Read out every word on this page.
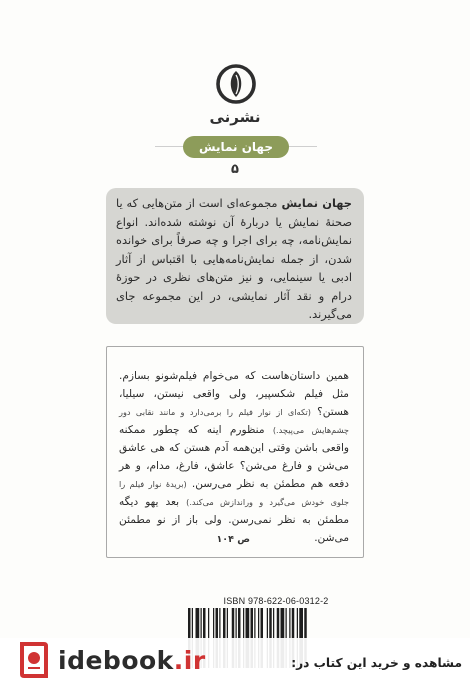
نشرنی
جهان نمایش
۵
جهان نمایش مجموعه‌ای است از متن‌هایی که یا صحنهٔ نمایش یا دربارهٔ آن نوشته شده‌اند. انواع نمایش‌نامه، چه برای اجرا و چه صرفاً برای خوانده شدن، از جمله نمایش‌نامه‌هایی با اقتباس از آثار ادبی یا سینمایی، و نیز متن‌های نظری در حوزهٔ درام و نقد آثار نمایشی، در این مجموعه جای می‌گیرند.
همین داستان‌هاست که می‌خوام فیلم‌شونو بسازم. مثل فیلم شکسپیر، ولی واقعی نیستن، سیلیا، هستن؟ (تکه‌ای از نوار فیلم را برمی‌دارد و مانند نقابی دور چشم‌هایش می‌پیچد.) منظورم اینه که چطور ممکنه واقعی باشن وقتی این‌همه آدم هستن که هی عاشق می‌شن و فارغ می‌شن؟ عاشق، فارغ، مدام، و هر دفعه هم مطمئن به نظر می‌رسن. (بریدهٔ نوار فیلم را جلوی خودش می‌گیرد و وراندازش می‌کند.) بعد یهو دیگه مطمئن به نظر نمی‌رسن. ولی باز از نو مطمئن می‌شن.
ص ۱۰۴
ISBN 978-622-06-0312-2
idebook.ir	مشاهده و خرید این کتاب در:
